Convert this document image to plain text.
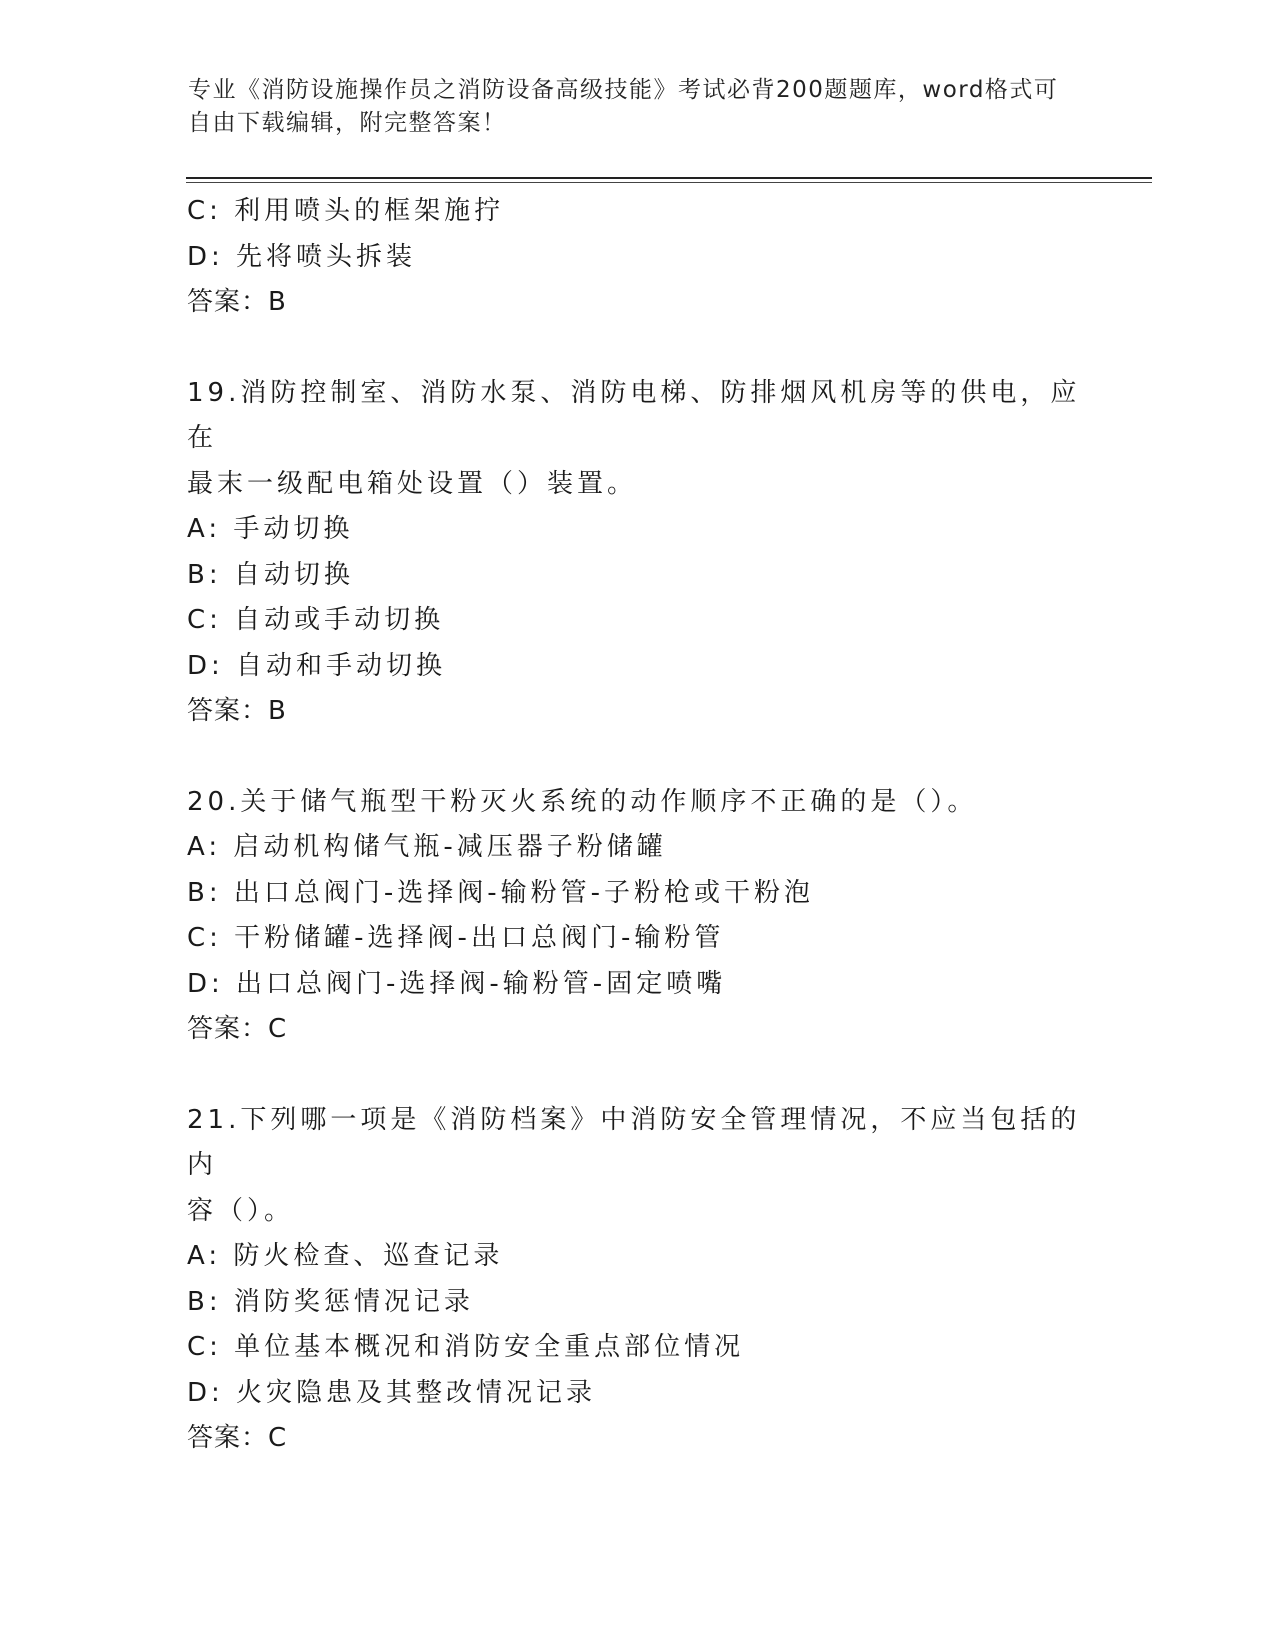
专业《消防设施操作员之消防设备高级技能》考试必背200题题库，word格式可
自由下载编辑，附完整答案！
C: 利用喷头的框架施拧
D: 先将喷头拆装
答案：B
19.消防控制室、消防水泵、消防电梯、防排烟风机房等的供电，应在
最末一级配电箱处设置（）装置。
A: 手动切换
B: 自动切换
C: 自动或手动切换
D: 自动和手动切换
答案：B
20.关于储气瓶型干粉灭火系统的动作顺序不正确的是（）。
A: 启动机构储气瓶-减压器子粉储罐
B: 出口总阀门-选择阀-输粉管-子粉枪或干粉泡
C: 干粉储罐-选择阀-出口总阀门-输粉管
D: 出口总阀门-选择阀-输粉管-固定喷嘴
答案：C
21.下列哪一项是《消防档案》中消防安全管理情况，不应当包括的内
容（）。
A: 防火检查、巡查记录
B: 消防奖惩情况记录
C: 单位基本概况和消防安全重点部位情况
D: 火灾隐患及其整改情况记录
答案：C
